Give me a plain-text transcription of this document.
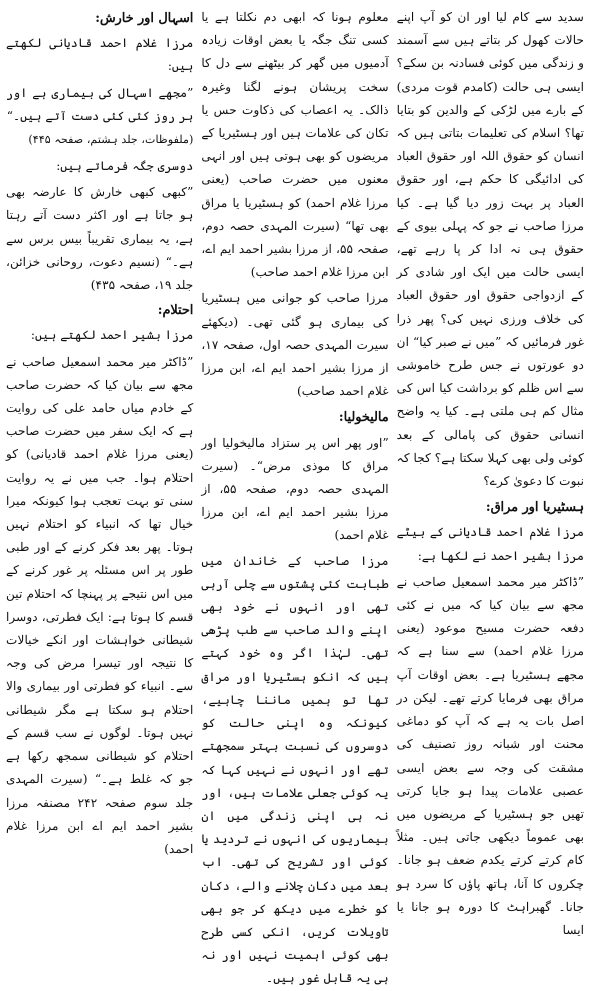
سدید سے کام لیا اور ان کو آپ اپنے حالات کھول کر بتاتے ہیں سے آسمند و زندگی میں کوئی فسادنہ بن سکے؟ ایسی ہی حالت (کامدم قوت مردی) کے بارے میں لڑکی کے والدین کو بتایا تھا؟ اسلام کی تعلیمات بتاتی ہیں کہ انسان کو حقوق اللہ اور حقوق العباد کی ادائیگی کا حکم ہے، اور حقوق العباد پر بہت زور دیا گیا ہے۔ کیا مرزا صاحب نے جو کہ پہلی بیوی کے حقوق ہی نہ ادا کر پا رہے تھے، ایسی حالت میں ایک اور شادی کر کے ازدواجی حقوق اور حقوق العباد کی خلاف ورزی نہیں کی؟ پھر ذرا غور فرمائیں کہ ”میں نے صبر کیا“ ان دو عورتوں نے جس طرح خاموشی سے اس ظلم کو برداشت کیا اس کی مثال کم ہی ملتی ہے۔ کیا یہ واضح انسانی حقوق کی پامالی کے بعد کوئی ولی بھی کہلا سکتا ہے؟ کجا کہ نبوت کا دعویٰ کرے؟

ہسٹیریا اور مراق:

مرزا غلام احمد قادیانی کے بیٹے مرزا بشیر احمد نے لکھا ہے:

”ڈاکٹر میر محمد اسمعیل صاحب نے مجھ سے بیان کیا کہ میں نے کئی دفعہ حضرت مسیح موعود (یعنی مرزا غلام احمد) سے سنا ہے کہ مجھے ہسٹیریا ہے۔ بعض اوقات آپ مراق بھی فرمایا کرتے تھے۔ لیکن در اصل بات یہ ہے کہ آپ کو دماغی محنت اور شبانہ روز تصنیف کی مشقت کی وجہ سے بعض ایسی عصبی علامات پیدا ہو جایا کرتی تھیں جو ہسٹیریا کے مریضوں میں بھی عموماً دیکھی جاتی ہیں۔ مثلاً کام کرتے کرتے یکدم ضعف ہو جانا۔ چکروں کا آنا، ہاتھ پاؤں کا سرد ہو جانا۔ گھبراہٹ کا دورہ ہو جانا یا ایسا

معلوم ہونا کہ ابھی دم نکلتا ہے یا کسی تنگ جگہ یا بعض اوقات زیادہ آدمیوں میں گھر کر بیٹھنے سے دل کا سخت پریشان ہونے لگنا وغیرہ ذالک۔ یہ اعصاب کی ذکاوت حس یا تکان کی علامات ہیں اور ہسٹیریا کے مریضوں کو بھی ہوتی ہیں اور انہی معنوں میں حضرت صاحب (یعنی مرزا غلام احمد) کو ہسٹیریا یا مراق بھی تھا“ (سیرت المہدی حصہ دوم، صفحہ ۵۵، از مرزا بشیر احمد ایم اے، ابن مرزا غلام احمد صاحب)

مرزا صاحب کو جوانی میں ہسٹیریا کی بیماری ہو گئی تھی۔ (دیکھئے سیرت المہدی حصہ اول، صفحہ ۱۷، از مرزا بشیر احمد ایم اے، ابن مرزا غلام احمد صاحب)

مالیخولیا:

”اور پھر اس پر ستزاد مالیخولیا اور مراق کا موذی مرض“۔ (سیرت المہدی حصہ دوم، صفحہ ۵۵، از مرزا بشیر احمد ایم اے، ابن مرزا غلام احمد)

مرزا صاحب کے خاندان میں طبابت کئی پشتوں سے چلی آرہی تھی اور انہوں نے خود بھی اپنے والد صاحب سے طب پڑھی تھی۔ لہٰذا اگر وہ خود کہتے ہیں کہ انکو ہسٹیریا اور مراق تھا تو ہمیں ماننا چاہیے، کیونکہ وہ اپنی حالت کو دوسروں کی نسبت بہتر سمجھتے تھے اور انہوں نے نہیں کہا کہ یہ کوئی جعلی علامات ہیں، اور نہ ہی اپنی زندگی میں ان بیماریوں کی انہوں نے تردید یا کوئی اور تشریح کی تھی۔ اب بعد میں دکان چلانے والے، دکان کو خطرے میں دیکھ کر جو بھی تاویلات کریں، انکی کسی طرح بھی کوئی اہمیت نہیں اور نہ ہی یہ قابل غور ہیں۔

اسہال اور خارش:

مرزا غلام احمد قادیانی لکھتے ہیں:

”مجھے اسہال کی بیماری ہے اور ہر روز کئی کئی دست آتے ہیں۔“

(ملفوظات، جلد ہشتم، صفحہ ۴۴۵)

دوسری جگہ فرماتے ہیں:

”کبھی کبھی خارش کا عارضہ بھی ہو جاتا ہے اور اکثر دست آتے رہتا ہے، یہ بیماری تقریباً بیس برس سے ہے۔“ (نسیم دعوت، روحانی خزائن، جلد ۱۹، صفحہ ۴۳۵)

احتلام:

مرزا بشیر احمد لکھتے ہیں:

”ڈاکٹر میر محمد اسمعیل صاحب نے مجھ سے بیان کیا کہ حضرت صاحب کے خادم میاں حامد علی کی روایت ہے کہ ایک سفر میں حضرت صاحب (یعنی مرزا غلام احمد قادیانی) کو احتلام ہوا۔ جب میں نے یہ روایت سنی تو بہت تعجب ہوا کیونکہ میرا خیال تھا کہ انبیاء کو احتلام نہیں ہوتا۔ پھر بعد فکر کرنے کے اور طبی طور پر اس مسئلہ پر غور کرنے کے میں اس نتیجے پر پہنچا کہ احتلام تین قسم کا ہوتا ہے: ایک فطرتی، دوسرا شیطانی خواہشات اور انکے خیالات کا نتیجہ اور تیسرا مرض کی وجہ سے۔ انبیاء کو فطرتی اور بیماری والا احتلام ہو سکتا ہے مگر شیطانی نہیں ہوتا۔ لوگوں نے سب قسم کے احتلام کو شیطانی سمجھ رکھا ہے جو کہ غلط ہے۔“ (سیرت المہدی جلد سوم صفحہ ۲۴۲ مصنفہ مرزا بشیر احمد ایم اے ابن مرزا غلام احمد)
